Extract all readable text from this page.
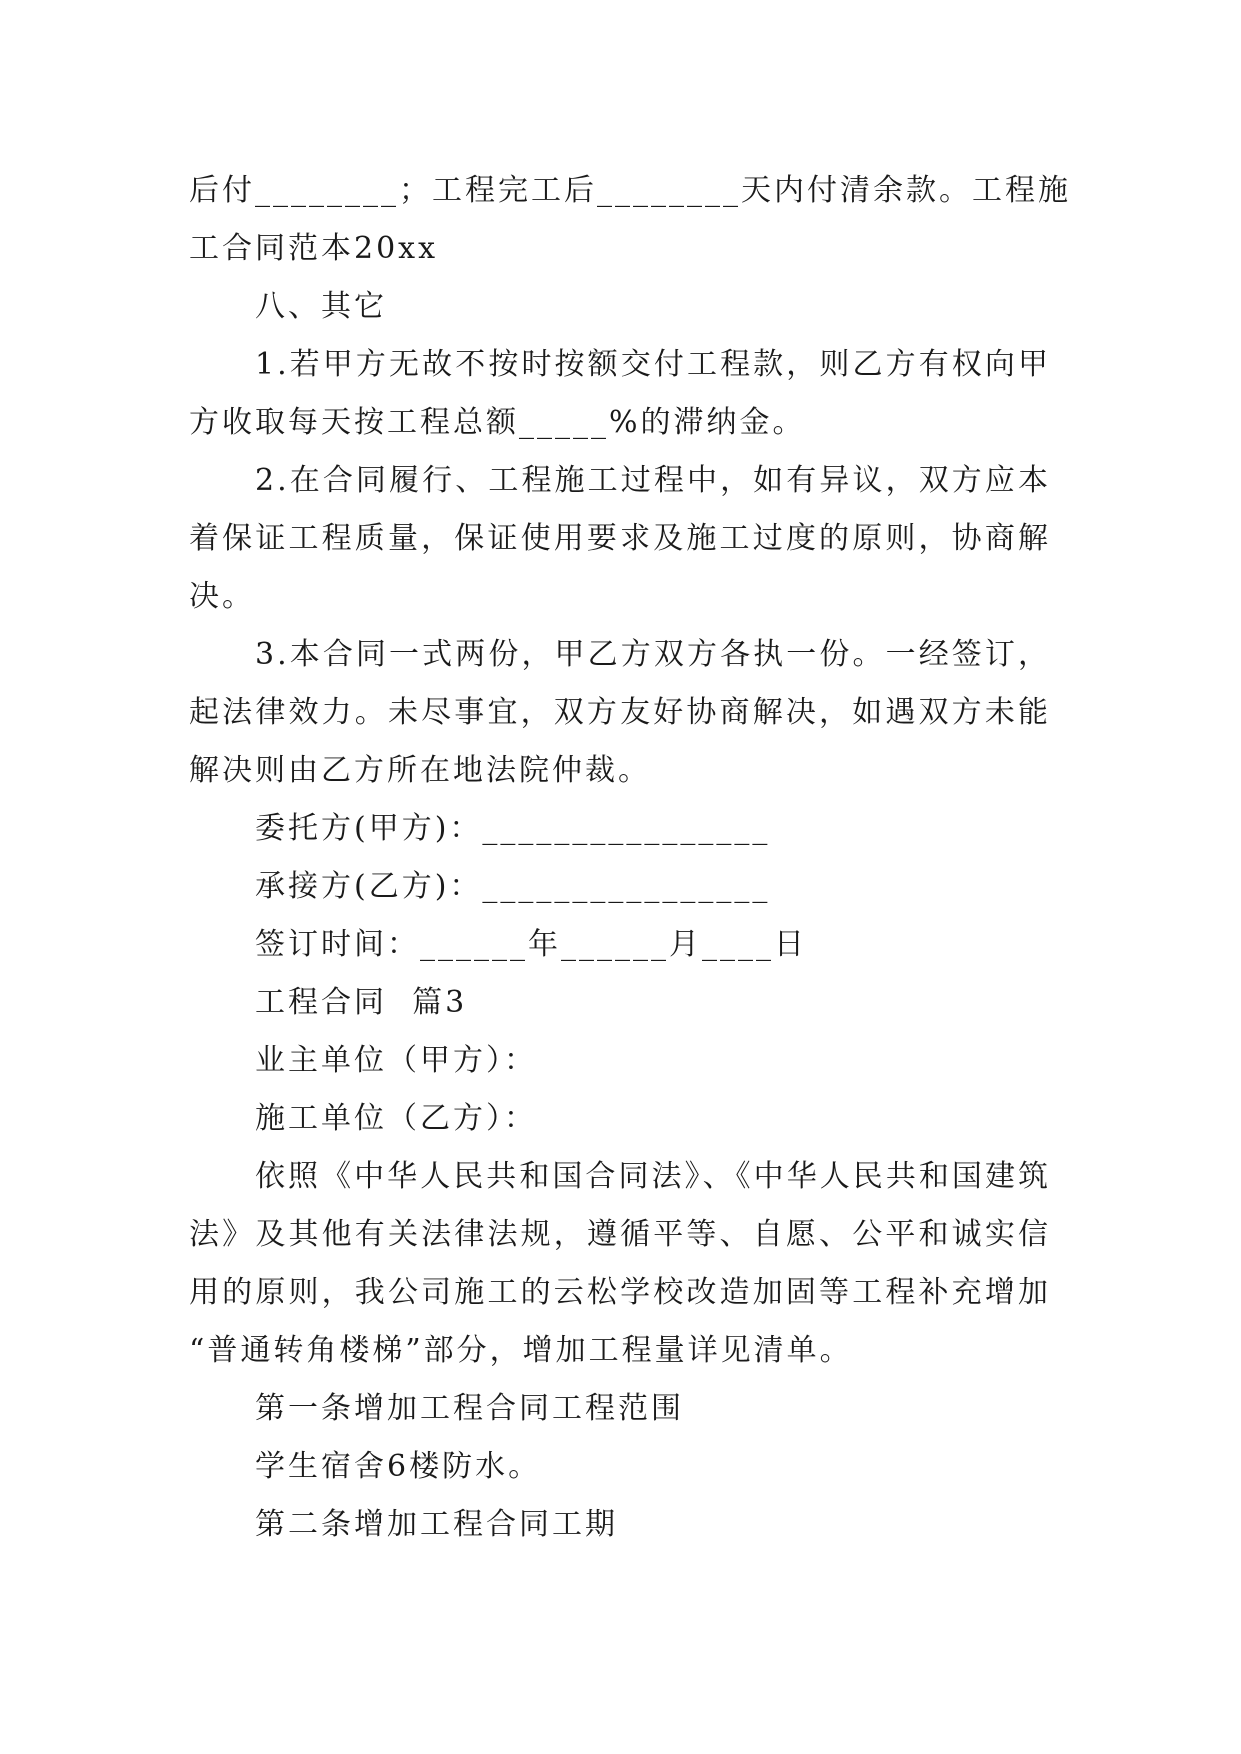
后付________；工程完工后________天内付清余款。工程施
工合同范本20xx
八、其它
1.若甲方无故不按时按额交付工程款，则乙方有权向甲
方收取每天按工程总额_____%的滞纳金。
2.在合同履行、工程施工过程中，如有异议，双方应本
着保证工程质量，保证使用要求及施工过度的原则，协商解
决。
3.本合同一式两份，甲乙方双方各执一份。一经签订，
起法律效力。未尽事宜，双方友好协商解决，如遇双方未能
解决则由乙方所在地法院仲裁。
委托方(甲方)：________________
承接方(乙方)：________________
签订时间：______年______月____日
工程合同  篇3
业主单位（甲方）：
施工单位（乙方）：
依照《中华人民共和国合同法》、《中华人民共和国建筑
法》及其他有关法律法规，遵循平等、自愿、公平和诚实信
用的原则，我公司施工的云松学校改造加固等工程补充增加
“普通转角楼梯”部分，增加工程量详见清单。
第一条增加工程合同工程范围
学生宿舍6楼防水。
第二条增加工程合同工期
